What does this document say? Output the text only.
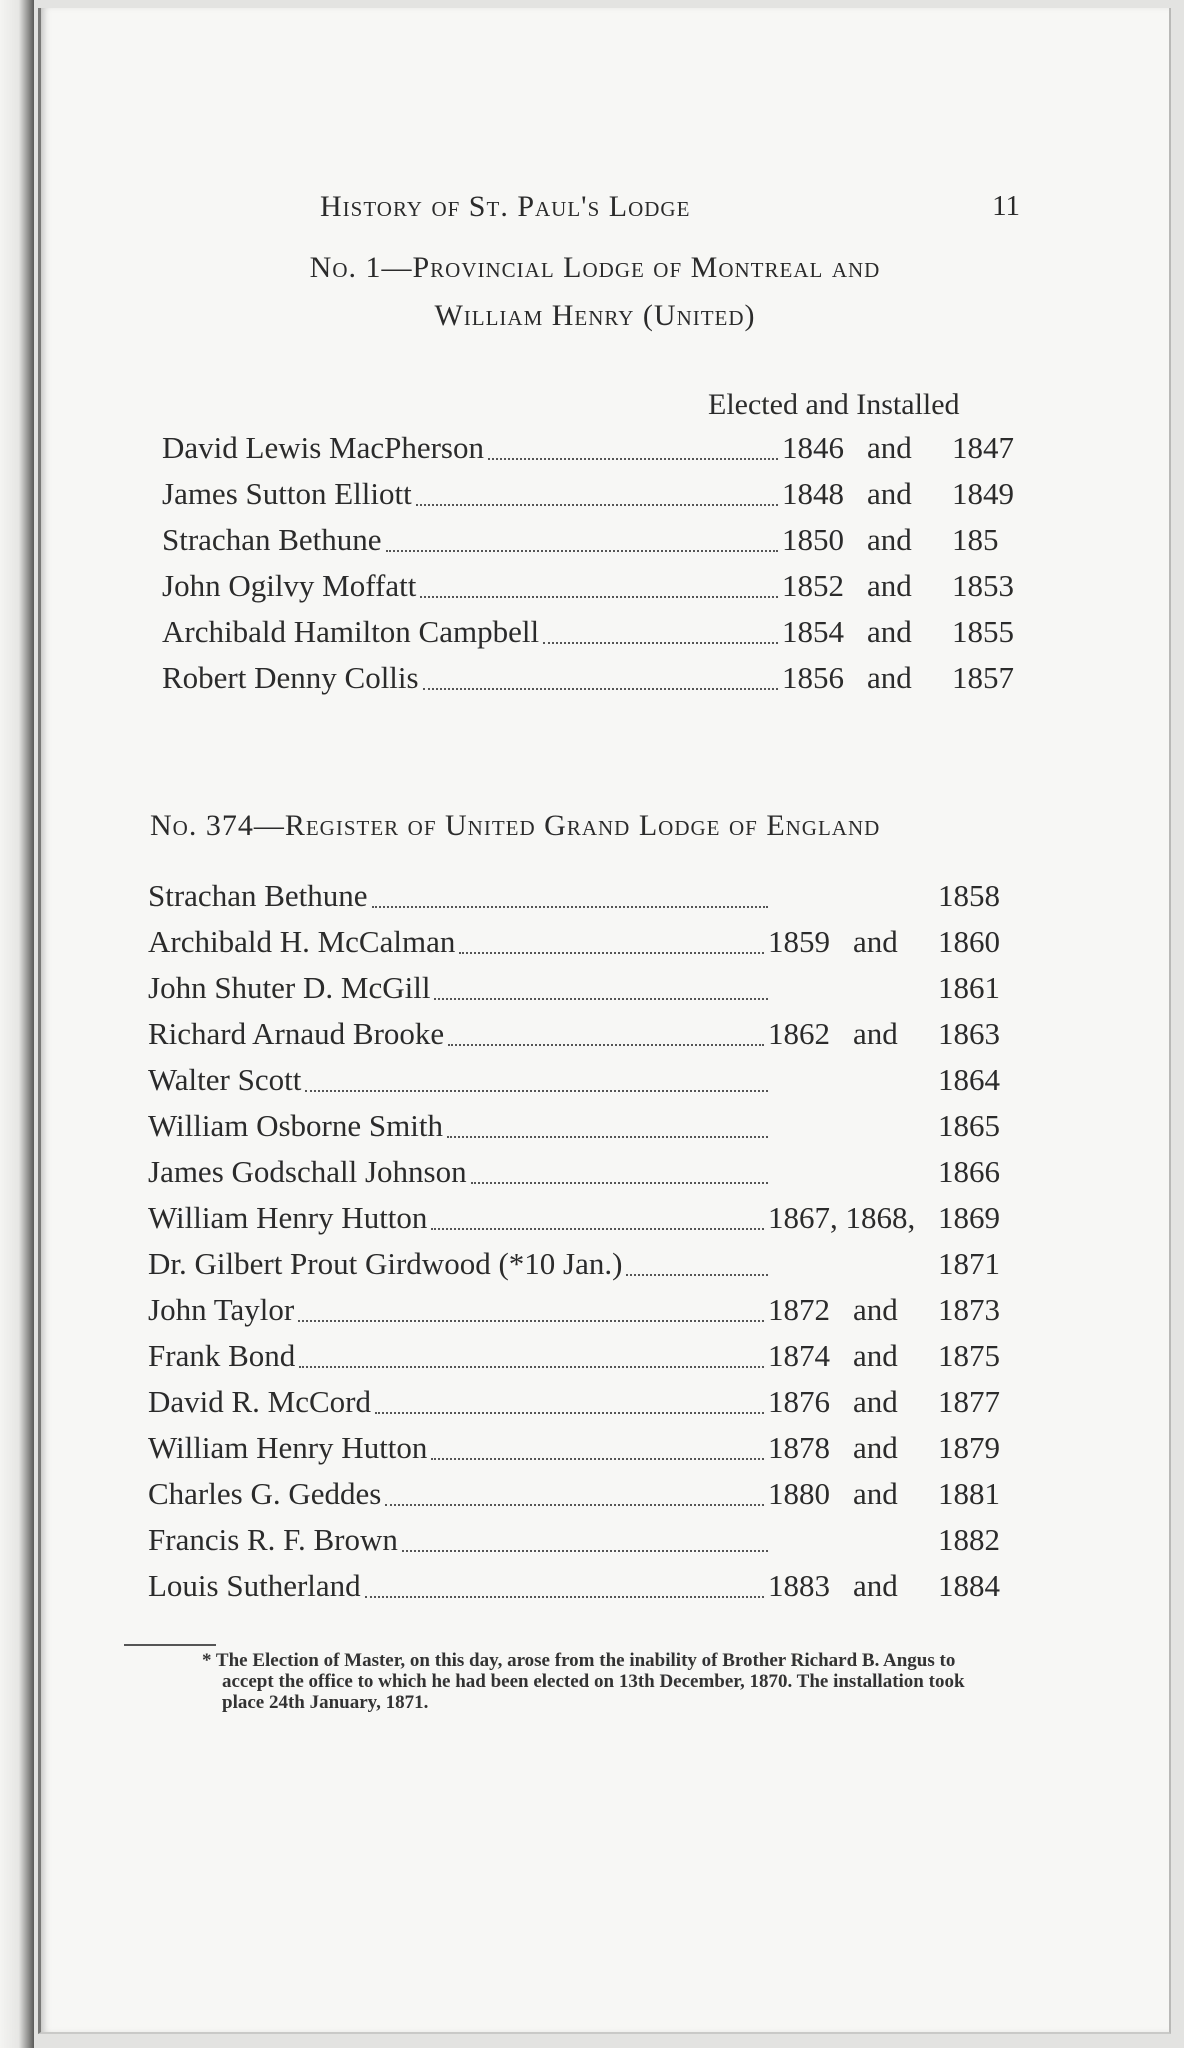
History of St. Paul's Lodge	11
No. 1—Provincial Lodge of Montreal and
William Henry (United)
Elected and Installed
David Lewis MacPherson	1846 and 1847
James Sutton Elliott	1848 and 1849
Strachan Bethune	1850 and 185
John Ogilvy Moffatt	1852 and 1853
Archibald Hamilton Campbell	1854 and 1855
Robert Denny Collis	1856 and 1857
No. 374—Register of United Grand Lodge of England
Strachan Bethune	1858
Archibald H. McCalman	1859 and 1860
John Shuter D. McGill	1861
Richard Arnaud Brooke	1862 and 1863
Walter Scott	1864
William Osborne Smith	1865
James Godschall Johnson	1866
William Henry Hutton	1867, 1868, 1869
Dr. Gilbert Prout Girdwood (*10 Jan.)	1871
John Taylor	1872 and 1873
Frank Bond	1874 and 1875
David R. McCord	1876 and 1877
William Henry Hutton	1878 and 1879
Charles G. Geddes	1880 and 1881
Francis R. F. Brown	1882
Louis Sutherland	1883 and 1884

* The Election of Master, on this day, arose from the inability of Brother Richard B. Angus to accept the office to which he had been elected on 13th December, 1870. The installation took place 24th January, 1871.
